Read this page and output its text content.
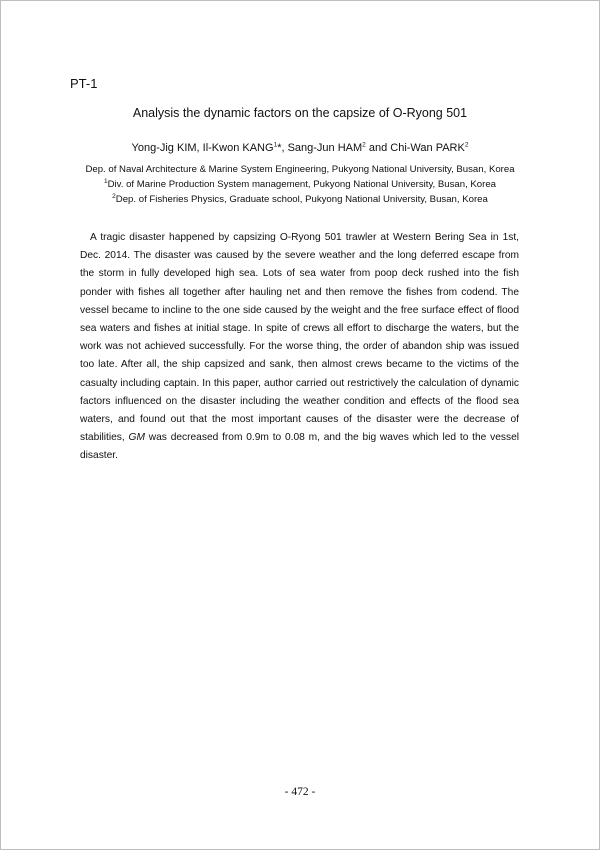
PT-1
Analysis the dynamic factors on the capsize of O-Ryong 501
Yong-Jig KIM, Il-Kwon KANG$^1$*, Sang-Jun HAM$^2$ and Chi-Wan PARK$^2$
Dep. of Naval Architecture & Marine System Engineering, Pukyong National University, Busan, Korea
$^1$Div. of Marine Production System management, Pukyong National University, Busan, Korea
$^2$Dep. of Fisheries Physics, Graduate school, Pukyong National University, Busan, Korea
A tragic disaster happened by capsizing O-Ryong 501 trawler at Western Bering Sea in 1st, Dec. 2014. The disaster was caused by the severe weather and the long deferred escape from the storm in fully developed high sea. Lots of sea water from poop deck rushed into the fish ponder with fishes all together after hauling net and then remove the fishes from codend. The vessel became to incline to the one side caused by the weight and the free surface effect of flood sea waters and fishes at initial stage. In spite of crews all effort to discharge the waters, but the work was not achieved successfully. For the worse thing, the order of abandon ship was issued too late. After all, the ship capsized and sank, then almost crews became to the victims of the casualty including captain. In this paper, author carried out restrictively the calculation of dynamic factors influenced on the disaster including the weather condition and effects of the flood sea waters, and found out that the most important causes of the disaster were the decrease of stabilities, GM was decreased from 0.9m to 0.08 m, and the big waves which led to the vessel disaster.
- 472 -
